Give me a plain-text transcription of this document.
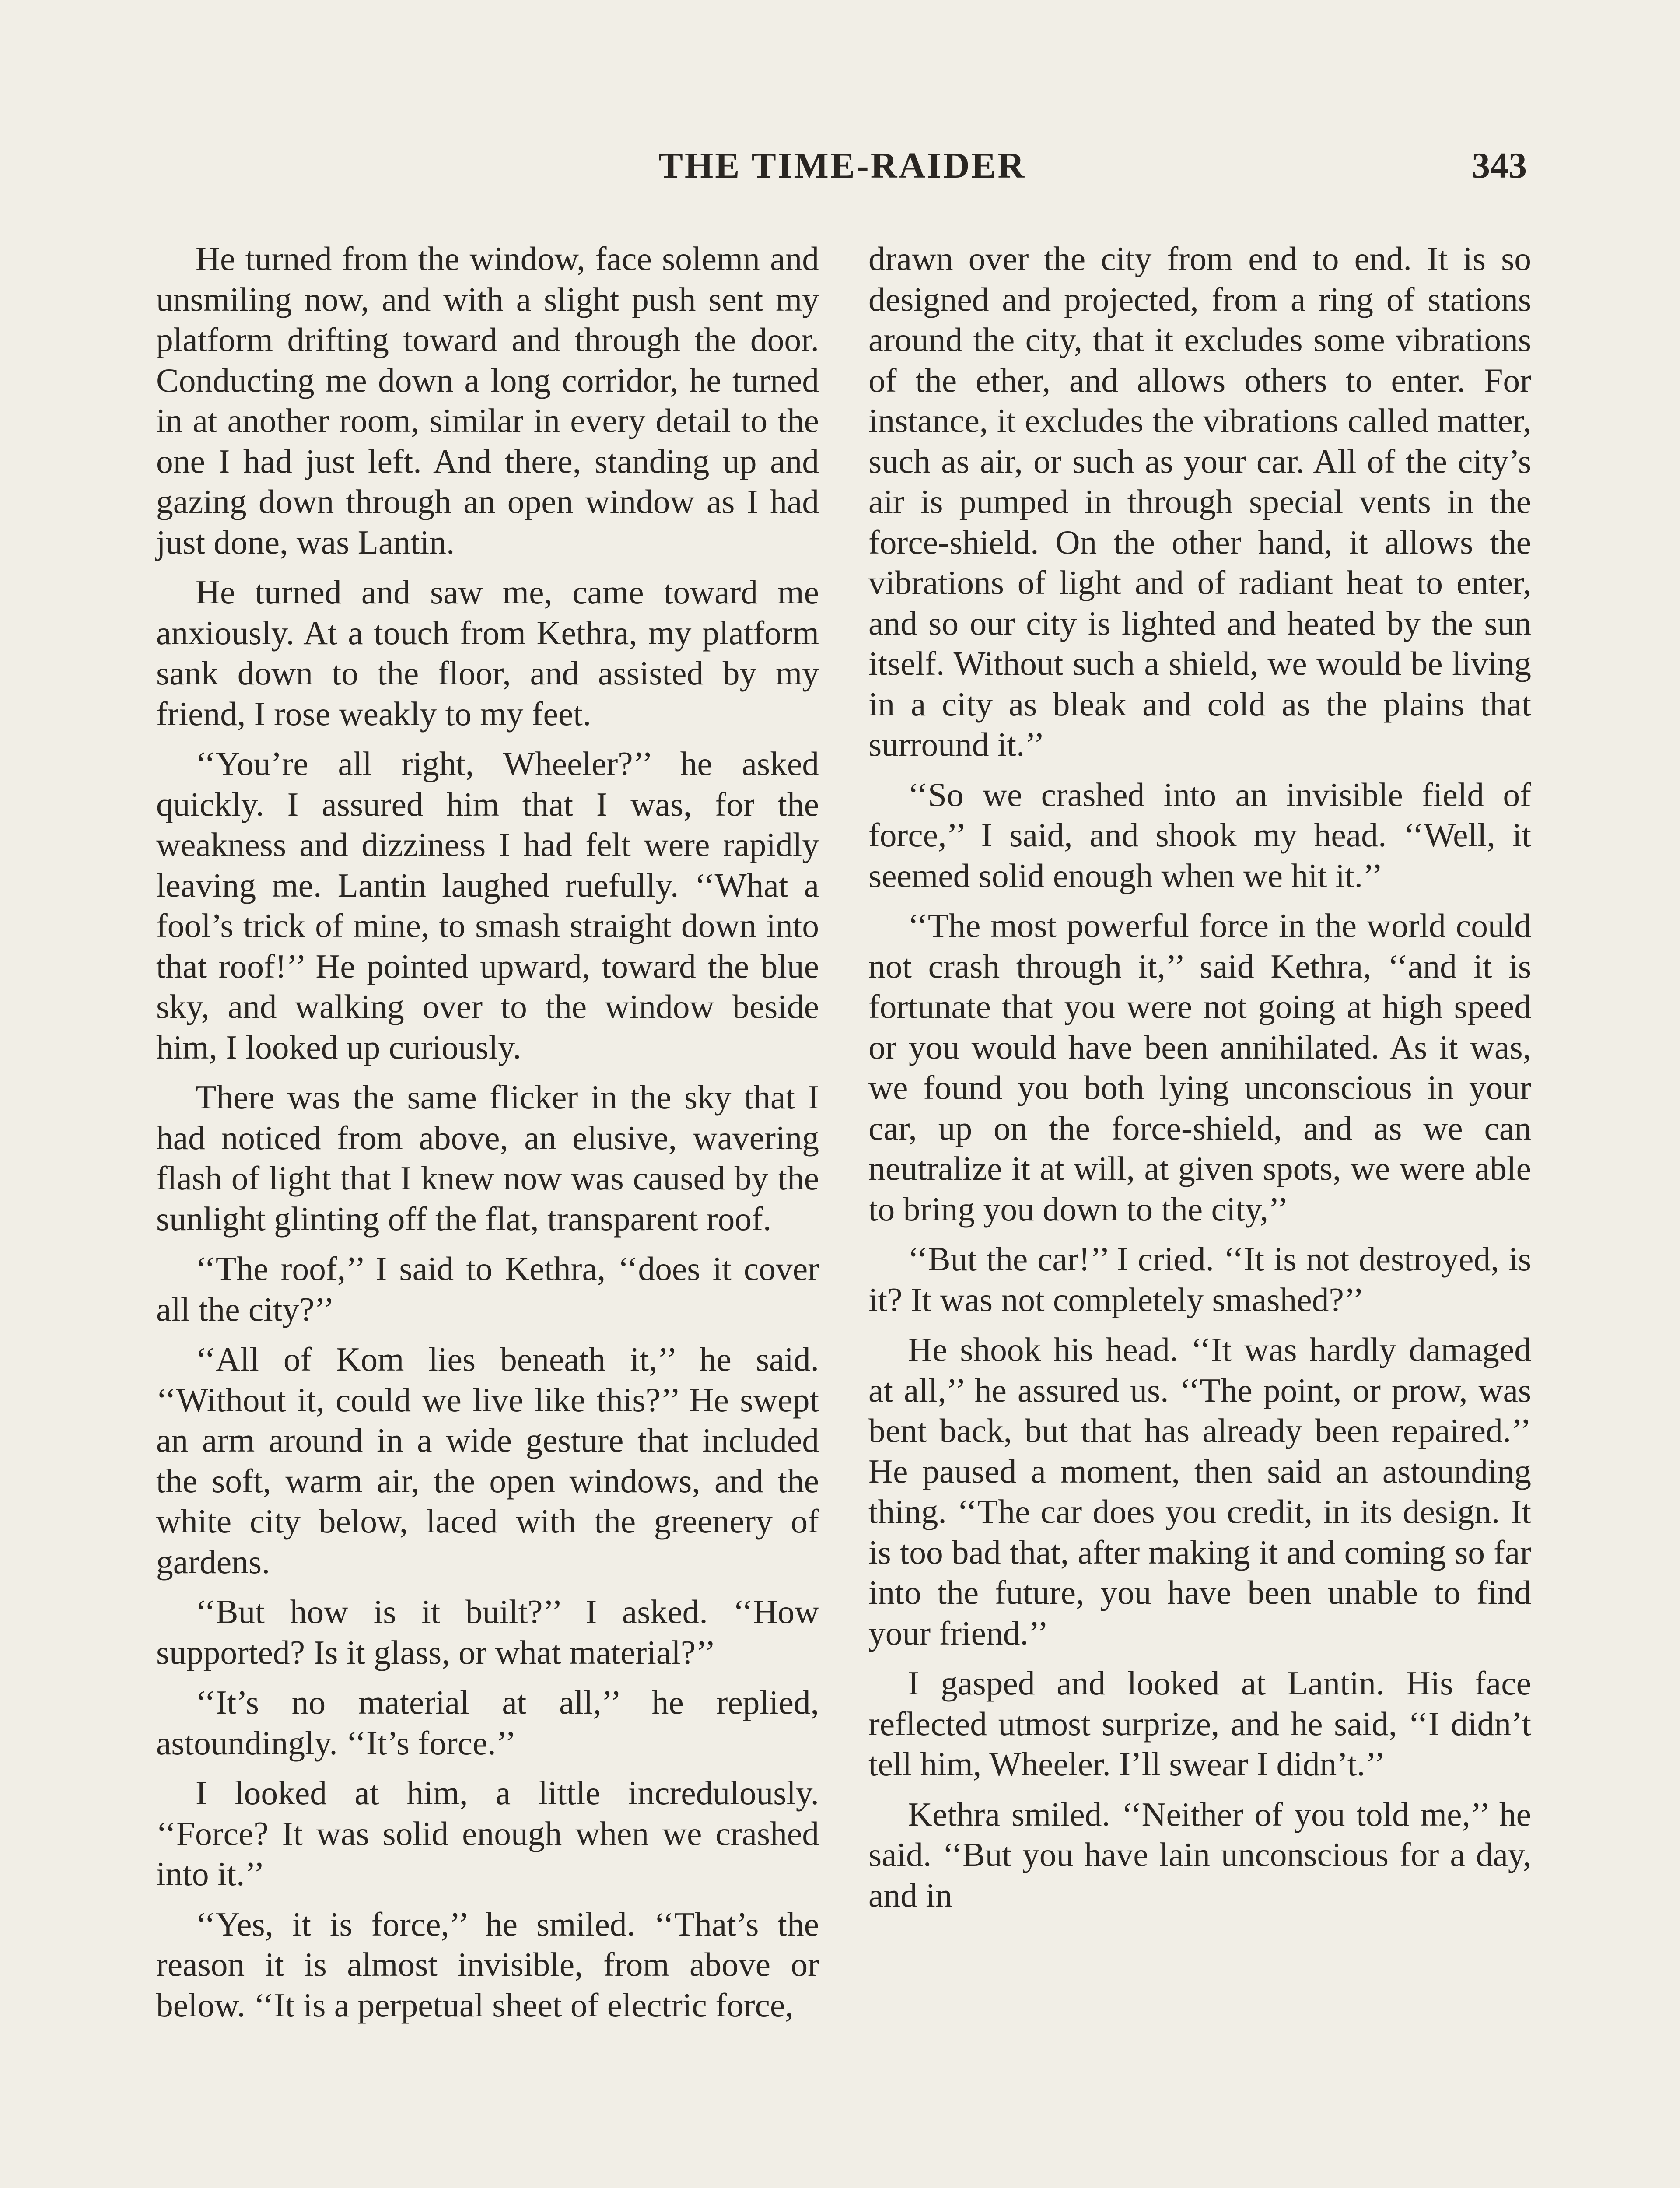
THE TIME-RAIDER	343

He turned from the window, face solemn and unsmiling now, and with a slight push sent my platform drifting toward and through the door. Conducting me down a long corridor, he turned in at another room, similar in every detail to the one I had just left. And there, standing up and gazing down through an open window as I had just done, was Lantin.

He turned and saw me, came toward me anxiously. At a touch from Kethra, my platform sank down to the floor, and assisted by my friend, I rose weakly to my feet.

‘‘You’re all right, Wheeler?’’ he asked quickly. I assured him that I was, for the weakness and dizziness I had felt were rapidly leaving me. Lantin laughed ruefully. ‘‘What a fool’s trick of mine, to smash straight down into that roof!’’ He pointed upward, toward the blue sky, and walking over to the window beside him, I looked up curiously.

There was the same flicker in the sky that I had noticed from above, an elusive, wavering flash of light that I knew now was caused by the sunlight glinting off the flat, transparent roof.

‘‘The roof,’’ I said to Kethra, ‘‘does it cover all the city?’’

‘‘All of Kom lies beneath it,’’ he said. ‘‘Without it, could we live like this?’’ He swept an arm around in a wide gesture that included the soft, warm air, the open windows, and the white city below, laced with the greenery of gardens.

‘‘But how is it built?’’ I asked. ‘‘How supported? Is it glass, or what material?’’

‘‘It’s no material at all,’’ he replied, astoundingly. ‘‘It’s force.’’

I looked at him, a little incredulously. ‘‘Force? It was solid enough when we crashed into it.’’

‘‘Yes, it is force,’’ he smiled. ‘‘That’s the reason it is almost invisible, from above or below. ‘‘It is a perpetual sheet of electric force,

drawn over the city from end to end. It is so designed and projected, from a ring of stations around the city, that it excludes some vibrations of the ether, and allows others to enter. For instance, it excludes the vibrations called matter, such as air, or such as your car. All of the city’s air is pumped in through special vents in the force-shield. On the other hand, it allows the vibrations of light and of radiant heat to enter, and so our city is lighted and heated by the sun itself. Without such a shield, we would be living in a city as bleak and cold as the plains that surround it.’’

‘‘So we crashed into an invisible field of force,’’ I said, and shook my head. ‘‘Well, it seemed solid enough when we hit it.’’

‘‘The most powerful force in the world could not crash through it,’’ said Kethra, ‘‘and it is fortunate that you were not going at high speed or you would have been annihilated. As it was, we found you both lying unconscious in your car, up on the force-shield, and as we can neutralize it at will, at given spots, we were able to bring you down to the city,’’

‘‘But the car!’’ I cried. ‘‘It is not destroyed, is it? It was not completely smashed?’’

He shook his head. ‘‘It was hardly damaged at all,’’ he assured us. ‘‘The point, or prow, was bent back, but that has already been repaired.’’ He paused a moment, then said an astounding thing. ‘‘The car does you credit, in its design. It is too bad that, after making it and coming so far into the future, you have been unable to find your friend.’’

I gasped and looked at Lantin. His face reflected utmost surprize, and he said, ‘‘I didn’t tell him, Wheeler. I’ll swear I didn’t.’’

Kethra smiled. ‘‘Neither of you told me,’’ he said. ‘‘But you have lain unconscious for a day, and in
